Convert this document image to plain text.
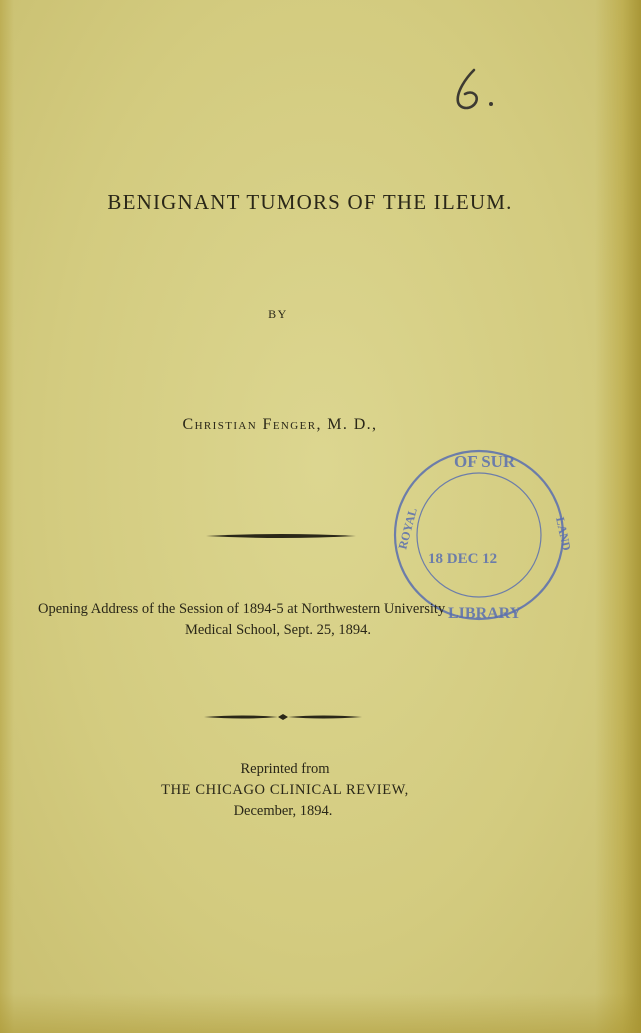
BENIGNANT TUMORS OF THE ILEUM.
BY
Christian Fenger, M. D.,
OF SUR
ROYAL	LAND
18 DEC 12
LIBRARY
Opening Address of the Session of 1894-5 at Northwestern University
Medical School, Sept. 25, 1894.
Reprinted from
THE CHICAGO CLINICAL REVIEW,
December, 1894.
